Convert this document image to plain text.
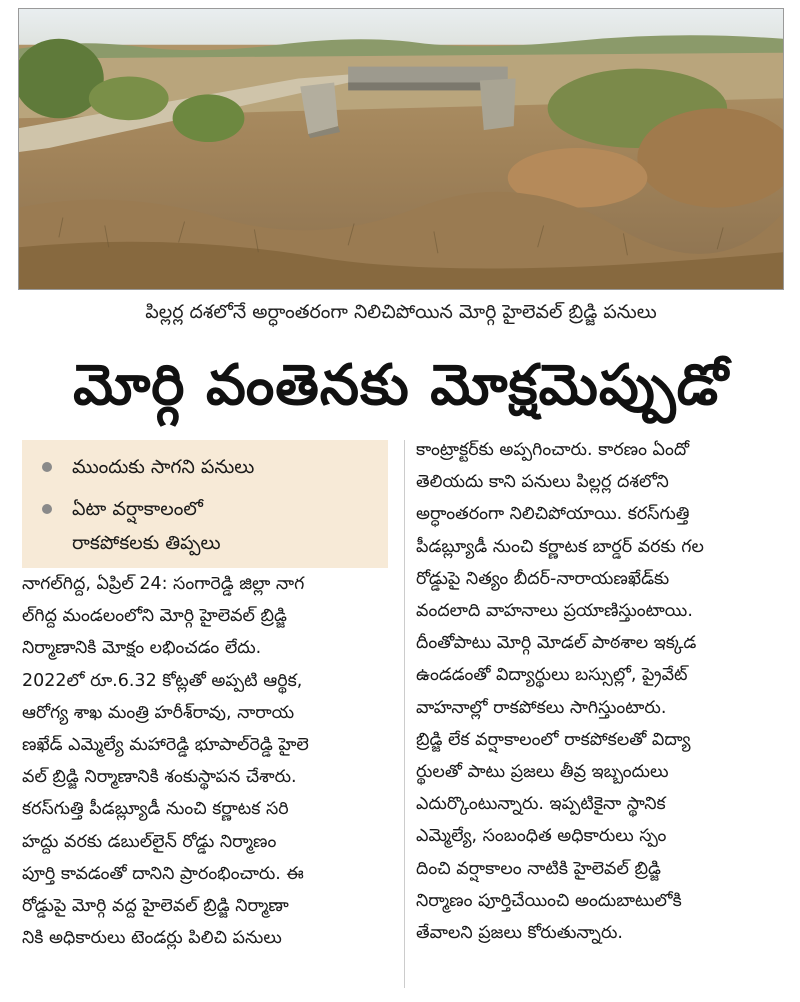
పిల్లర్ల దశలోనే అర్ధాంతరంగా నిలిచిపోయిన మోర్గి హైలెవల్ బ్రిడ్జి పనులు
మోర్గి వంతెనకు మోక్షమెప్పుడో
ముందుకు సాగని పనులు
ఏటా వర్షాకాలంలో
రాకపోకలకు తిప్పలు

నాగల్‌గిద్ద, ఏప్రిల్ 24: సంగారెడ్డి జిల్లా నాగ

ల్‌గిద్ద మండలంలోని మోర్గి హైలెవల్ బ్రిడ్జి

నిర్మాణానికి మోక్షం లభించడం లేదు.

2022లో రూ.6.32 కోట్లతో అప్పటి ఆర్థిక,

ఆరోగ్య శాఖ మంత్రి హరీశ్‌రావు, నారాయ

ణఖేడ్ ఎమ్మెల్యే మహారెడ్డి భూపాల్‌రెడ్డి హైలె

వల్ బ్రిడ్జి నిర్మాణానికి శంకుస్థాపన చేశారు.

కరస్‌గుత్తి పీడబ్ల్యూడీ నుంచి కర్ణాటక సరి

హద్దు వరకు డబుల్‌లైన్ రోడ్డు నిర్మాణం

పూర్తి కావడంతో దానిని ప్రారంభించారు. ఈ

రోడ్డుపై మోర్గి వద్ద హైలెవల్ బ్రిడ్జి నిర్మాణా

నికి అధికారులు టెండర్లు పిలిచి పనులు

కాంట్రాక్టర్‌కు అప్పగించారు. కారణం ఏందో

తెలియదు కాని పనులు పిల్లర్ల దశలోని

అర్ధాంతరంగా నిలిచిపోయాయి. కరస్‌గుత్తి

పీడబ్ల్యూడీ నుంచి కర్ణాటక బార్డర్ వరకు గల

రోడ్డుపై నిత్యం బీదర్-నారాయణఖేడ్‌కు

వందలాది వాహనాలు ప్రయాణిస్తుంటాయి.

దీంతోపాటు మోర్గి మోడల్ పాఠశాల ఇక్కడ

ఉండడంతో విద్యార్థులు బస్సుల్లో, ప్రైవేట్

వాహనాల్లో రాకపోకలు సాగిస్తుంటారు.

బ్రిడ్జి లేక వర్షాకాలంలో రాకపోకలతో విద్యా

ర్థులతో పాటు ప్రజలు తీవ్ర ఇబ్బందులు

ఎదుర్కొంటున్నారు. ఇప్పటికైనా స్థానిక

ఎమ్మెల్యే, సంబంధిత అధికారులు స్పం

దించి వర్షాకాలం నాటికి హైలెవల్ బ్రిడ్జి

నిర్మాణం పూర్తిచేయించి అందుబాటులోకి

తేవాలని ప్రజలు కోరుతున్నారు.
